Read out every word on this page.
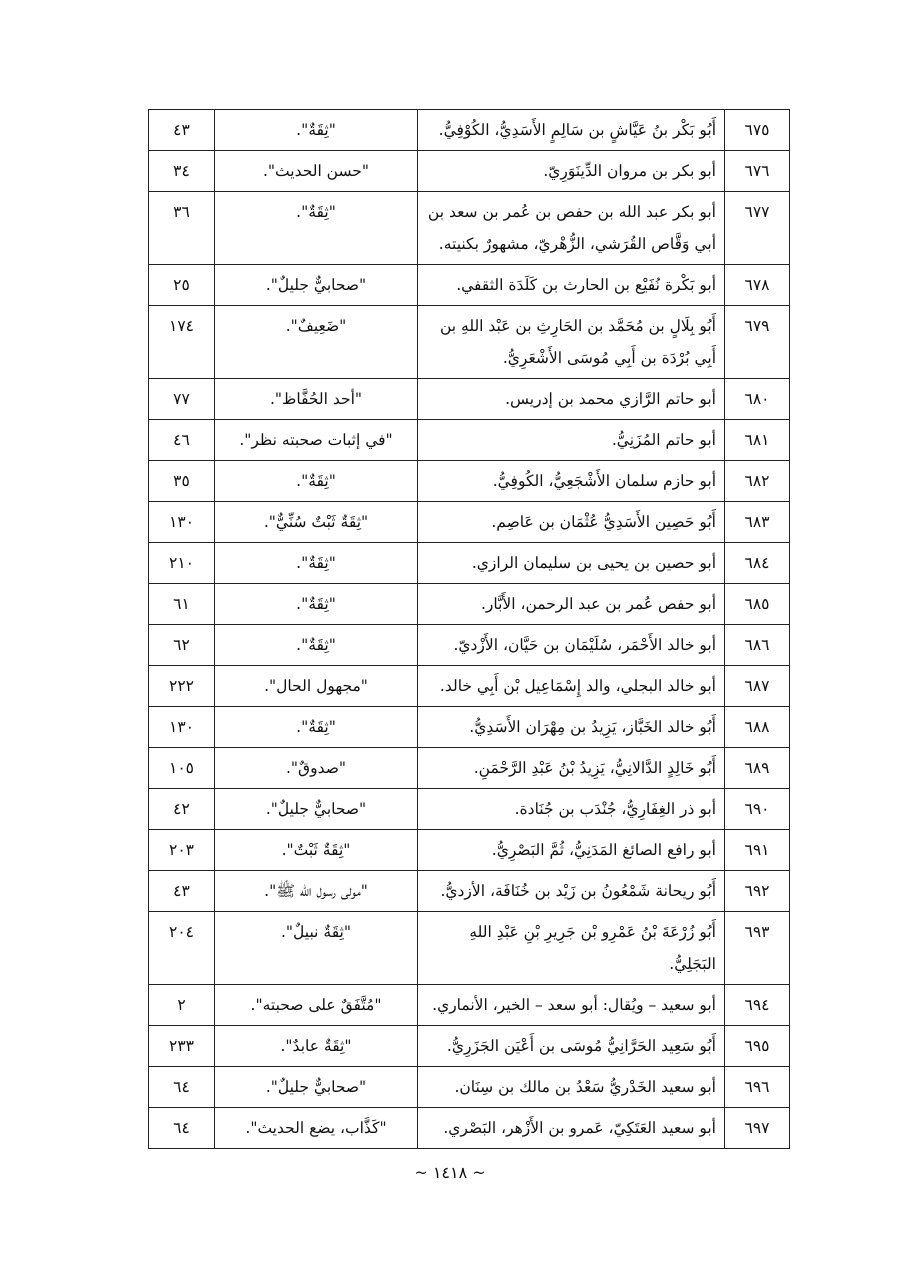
٦٧٥	أَبُو بَكْر بنُ عَيَّاشٍ بن سَالِمٍ الأَسَدِيُّ، الكُوْفِيُّ.	"ثِقَةٌ".	٤٣
٦٧٦	أبو بكر بن مروان الدِّينَوَرِيّ.	"حسن الحديث".	٣٤
٦٧٧	أبو بكر عبد الله بن حفص بن عُمر بن سعد بن أبي وَقَّاص القُرَشي، الزُّهْريّ، مشهورٌ بكنيته.	"ثِقَةٌ".	٣٦
٦٧٨	أبو بَكْرة نُفَيْع بن الحارث بن كَلَدَة الثقفي.	"صحابيٌّ جليلٌ".	٢٥
٦٧٩	أَبُو بِلَالٍ بن مُحَمَّد بن الحَارِثِ بن عَبْد اللهِ بن أَبِي بُرْدَة بن أَبِي مُوسَى الأَشْعَرِيُّ.	"ضَعِيفٌ".	١٧٤
٦٨٠	أبو حاتم الرَّازي محمد بن إدريس.	"أحد الحُفَّاظ".	٧٧
٦٨١	أبو حاتم المُزَنِيُّ.	"في إثبات صحبته نظر".	٤٦
٦٨٢	أبو حازم سلمان الأَشْجَعِيُّ، الكُوفِيُّ.	"ثِقَةٌ".	٣٥
٦٨٣	أَبُو حَصِين الأَسَدِيُّ عُثْمَان بن عَاصِم.	"ثِقَةٌ ثَبْتٌ سُنِّيٌّ".	١٣٠
٦٨٤	أبو حصين بن يحيى بن سليمان الرازي.	"ثِقَةٌ".	٢١٠
٦٨٥	أبو حفص عُمر بن عبد الرحمن، الأَبَّار.	"ثِقَةٌ".	٦١
٦٨٦	أبو خالد الأَحْمَر، سُلَيْمَان بن حَيَّان، الأَزْديّ.	"ثِقَةٌ".	٦٢
٦٨٧	أبو خالد البجلي، والد إِسْمَاعِيل بْن أَبِي خالد.	"مجهول الحال".	٢٢٢
٦٨٨	أَبُو خالد الخَبَّاز، يَزِيدُ بن مِهْرَان الأَسَدِيُّ.	"ثِقَةٌ".	١٣٠
٦٨٩	أَبُو خَالِدٍ الدَّالانِيُّ، يَزِيدُ بْنُ عَبْدِ الرَّحْمَنِ.	"صدوقٌ".	١٠٥
٦٩٠	أبو ذر الغِفَارِيُّ، جُنْدَب بن جُنَادة.	"صحابيٌّ جليلٌ".	٤٢
٦٩١	أبو رافع الصائغ المَدَنِيُّ، ثُمَّ البَصْرِيُّ.	"ثِقَةٌ ثَبْتٌ".	٢٠٣
٦٩٢	أَبُو ريحانة شَمْعُونُ بن زَيْد بن خُنَافَة، الأزديُّ.	"مولى رسول الله ﷺ".	٤٣
٦٩٣	أَبُو زُرْعَةَ بْنُ عَمْرِو بْن جَرِيرِ بْنِ عَبْدِ اللهِ البَجَلِيُّ.	"ثِقَةٌ نبيلٌ".	٢٠٤
٦٩٤	أبو سعيد – ويُقال: أبو سعد – الخير، الأنماري.	"مُتَّفَقٌ على صحبته".	٢
٦٩٥	أَبُو سَعِيد الحَرَّانِيُّ مُوسَى بن أَعْيَن الجَزَرِيُّ.	"ثِقَةٌ عابدٌ".	٢٣٣
٦٩٦	أبو سعيد الخَدْريُّ سَعْدُ بن مالك بن سِنَان.	"صحابيٌّ جليلٌ".	٦٤
٦٩٧	أبو سعيد العَتَكِيّ، عَمرو بن الأَزْهر، البَصْري.	"كَذَّاب، يضع الحديث".	٦٤
~ ١٤١٨ ~
